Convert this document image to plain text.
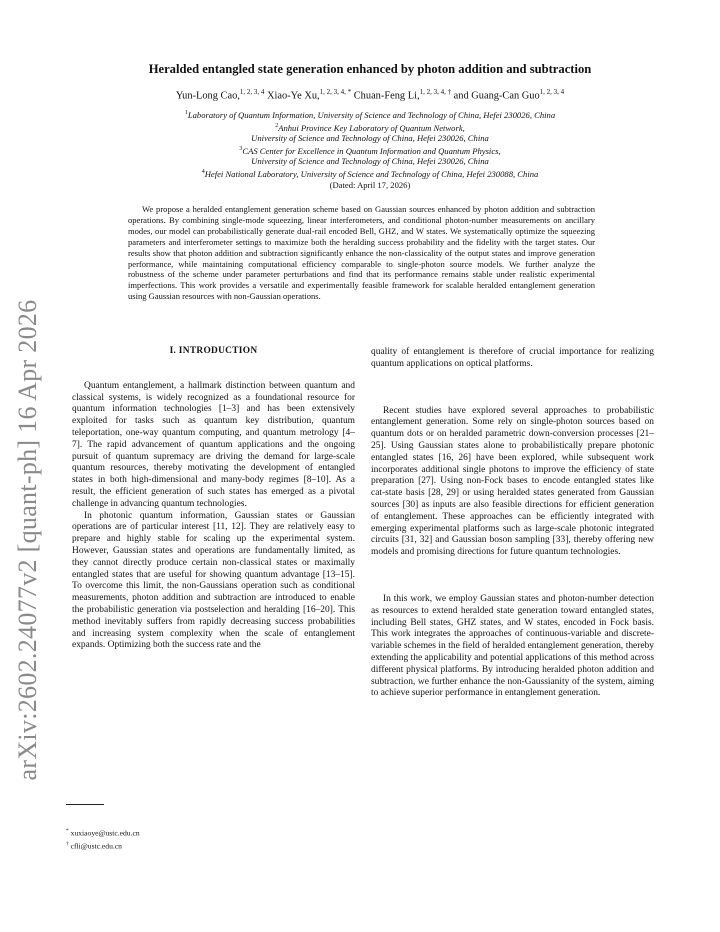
arXiv:2602.24077v2 [quant-ph] 16 Apr 2026
Heralded entangled state generation enhanced by photon addition and subtraction
Yun-Long Cao,$^{1, 2, 3, 4}$ Xiao-Ye Xu,$^{1, 2, 3, 4, *}$ Chuan-Feng Li,$^{1, 2, 3, 4, \dagger}$ and Guang-Can Guo$^{1, 2, 3, 4}$
$^1$Laboratory of Quantum Information, University of Science and Technology of China, Hefei 230026, China
$^2$Anhui Province Key Laboratory of Quantum Network,
University of Science and Technology of China, Hefei 230026, China
$^3$CAS Center for Excellence in Quantum Information and Quantum Physics,
University of Science and Technology of China, Hefei 230026, China
$^4$Hefei National Laboratory, University of Science and Technology of China, Hefei 230088, China
(Dated: April 17, 2026)
We propose a heralded entanglement generation scheme based on Gaussian sources enhanced by photon addition and subtraction operations. By combining single-mode squeezing, linear interferometers, and conditional photon-number measurements on ancillary modes, our model can probabilistically generate dual-rail encoded Bell, GHZ, and W states. We systematically optimize the squeezing parameters and interferometer settings to maximize both the heralding success probability and the fidelity with the target states. Our results show that photon addition and subtraction significantly enhance the non-classicality of the output states and improve generation performance, while maintaining computational efficiency comparable to single-photon source models. We further analyze the robustness of the scheme under parameter perturbations and find that its performance remains stable under realistic experimental imperfections. This work provides a versatile and experimentally feasible framework for scalable heralded entanglement generation using Gaussian resources with non-Gaussian operations.
I. INTRODUCTION

Quantum entanglement, a hallmark distinction between quantum and classical systems, is widely recognized as a foundational resource for quantum information technologies [1–3] and has been extensively exploited for tasks such as quantum key distribution, quantum teleportation, one-way quantum computing, and quantum metrology [4–7]. The rapid advancement of quantum applications and the ongoing pursuit of quantum supremacy are driving the demand for large-scale quantum resources, thereby motivating the development of entangled states in both high-dimensional and many-body regimes [8–10]. As a result, the efficient generation of such states has emerged as a pivotal challenge in advancing quantum technologies.

In photonic quantum information, Gaussian states or Gaussian operations are of particular interest [11, 12]. They are relatively easy to prepare and highly stable for scaling up the experimental system. However, Gaussian states and operations are fundamentally limited, as they cannot directly produce certain non-classical states or maximally entangled states that are useful for showing quantum advantage [13–15]. To overcome this limit, the non-Gaussians operation such as conditional measurements, photon addition and subtraction are introduced to enable the probabilistic generation via postselection and heralding [16–20]. This method inevitably suffers from rapidly decreasing success probabilities and increasing system complexity when the scale of entanglement expands. Optimizing both the success rate and the

quality of entanglement is therefore of crucial importance for realizing quantum applications on optical platforms.

Recent studies have explored several approaches to probabilistic entanglement generation. Some rely on single-photon sources based on quantum dots or on heralded parametric down-conversion processes [21–25]. Using Gaussian states alone to probabilistically prepare photonic entangled states [16, 26] have been explored, while subsequent work incorporates additional single photons to improve the efficiency of state preparation [27]. Using non-Fock bases to encode entangled states like cat-state basis [28, 29] or using heralded states generated from Gaussian sources [30] as inputs are also feasible directions for efficient generation of entanglement. These approaches can be efficiently integrated with emerging experimental platforms such as large-scale photonic integrated circuits [31, 32] and Gaussian boson sampling [33], thereby offering new models and promising directions for future quantum technologies.

In this work, we employ Gaussian states and photon-number detection as resources to extend heralded state generation toward entangled states, including Bell states, GHZ states, and W states, encoded in Fock basis. This work integrates the approaches of continuous-variable and discrete-variable schemes in the field of heralded entanglement generation, thereby extending the applicability and potential applications of this method across different physical platforms. By introducing heralded photon addition and subtraction, we further enhance the non-Gaussianity of the system, aiming to achieve superior performance in entanglement generation.

* xuxiaoye@ustc.edu.cn
† cfli@ustc.edu.cn
